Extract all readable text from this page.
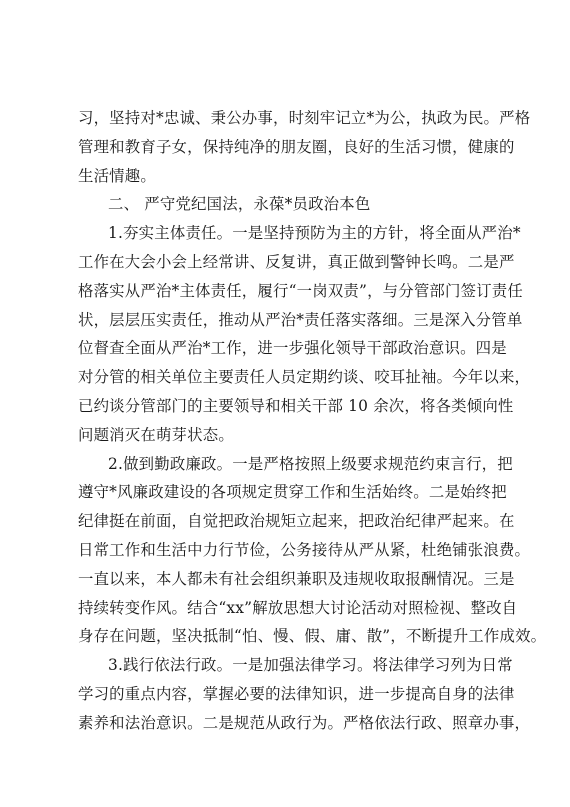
习，坚持对*忠诚、秉公办事，时刻牢记立*为公，执政为民。严格
管理和教育子女，保持纯净的朋友圈，良好的生活习惯，健康的
生活情趣。
二、 严守党纪国法，永葆*员政治本色
1.夯实主体责任。一是坚持预防为主的方针，将全面从严治*
工作在大会小会上经常讲、反复讲，真正做到警钟长鸣。二是严
格落实从严治*主体责任，履行“一岗双责”，与分管部门签订责任
状，层层压实责任，推动从严治*责任落实落细。三是深入分管单
位督查全面从严治*工作，进一步强化领导干部政治意识。四是
对分管的相关单位主要责任人员定期约谈、咬耳扯袖。今年以来，
已约谈分管部门的主要领导和相关干部 10 余次，将各类倾向性
问题消灭在萌芽状态。
2.做到勤政廉政。一是严格按照上级要求规范约束言行，把
遵守*风廉政建设的各项规定贯穿工作和生活始终。二是始终把
纪律挺在前面，自觉把政治规矩立起来，把政治纪律严起来。在
日常工作和生活中力行节俭，公务接待从严从紧，杜绝铺张浪费。
一直以来，本人都未有社会组织兼职及违规收取报酬情况。三是
持续转变作风。结合“xx”解放思想大讨论活动对照检视、整改自
身存在问题，坚决抵制“怕、慢、假、庸、散”，不断提升工作成效。
3.践行依法行政。一是加强法律学习。将法律学习列为日常
学习的重点内容，掌握必要的法律知识，进一步提高自身的法律
素养和法治意识。二是规范从政行为。严格依法行政、照章办事，
